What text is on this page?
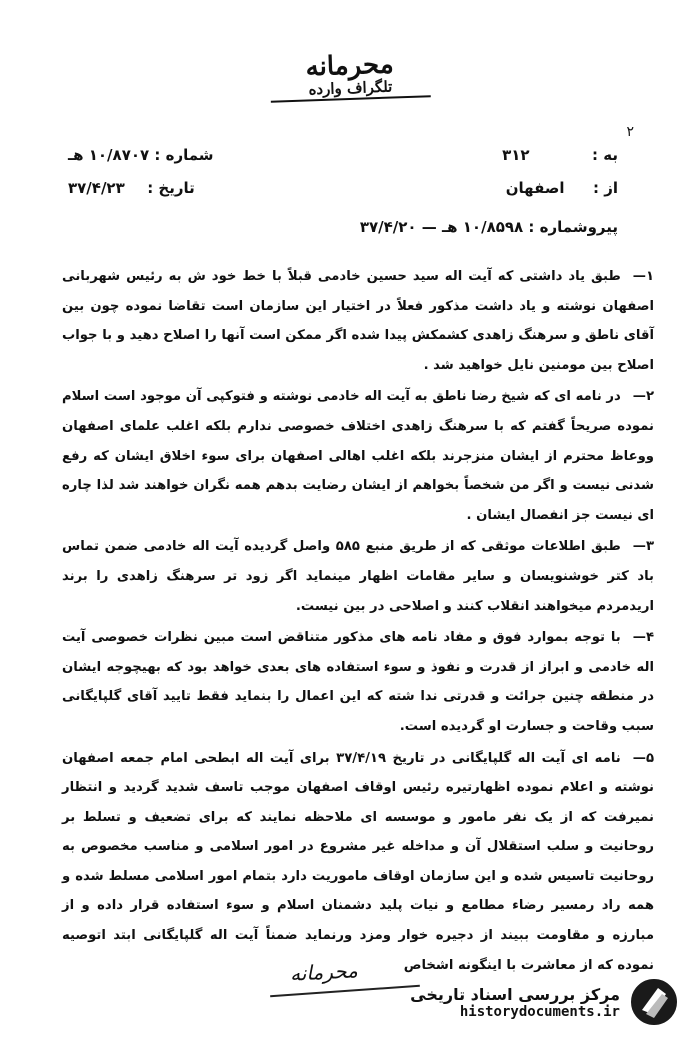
محرمانه
تلگراف وارده
۲
به :  ۳۱۲
از :  اصفهان
شماره : ۱۰/۸۷۰۷ هـ
تاریخ :  ۳۷/۴/۲۳
پیروشماره : ۱۰/۸۵۹۸ هـ — ۳۷/۴/۲۰

۱—طبق یاد داشتی که آیت اله سید حسین خادمی قبلاً با خط خود ش به رئیس شهربانی اصفهان نوشته و یاد داشت مذکور فعلاً در اختیار این سازمان است تقاضا نموده چون بین آقای ناطق و سرهنگ زاهدی کشمکش پیدا شده اگر ممکن است آنها را اصلاح دهید و با جواب اصلاح بین مومنین نایل خواهید شد .

۲—در نامه ای که شیخ رضا ناطق به آیت اله خادمی نوشته و فتوکپی آن موجود است اسلام نموده صریحاً گفتم که با سرهنگ زاهدی اختلاف خصوصی ندارم بلکه اغلب علمای اصفهان ووعاظ محترم از ایشان منزجرند بلکه اغلب اهالی اصفهان برای سوء اخلاق ایشان که رفع شدنی نیست و اگر من شخصاً بخواهم از ایشان رضایت بدهم همه نگران خواهند شد لذا چاره ای نیست جز انفصال ایشان .

۳—طبق اطلاعات موثقی که از طریق منبع ۵۸۵ واصل گردیده آیت اله خادمی ضمن تماس باد کتر خوشنویسان و سایر مقامات اظهار مینماید اگر زود تر سرهنگ زاهدی را برند اریدمردم میخواهند انقلاب کنند و اصلاحی در بین نیست.

۴—با توجه بموارد فوق و مفاد نامه های مذکور متناقض است مبین نظرات خصوصی آیت اله خادمی و ابراز از قدرت و نفوذ و سوء استفاده های بعدی خواهد بود که بهیچوجه ایشان در منطقه چنین جرائت و قدرتی ندا شته که این اعمال را بنماید فقط تایید آقای گلپایگانی سبب وقاحت و جسارت او گردیده است.

۵—نامه ای آیت اله گلپایگانی در تاریخ ۳۷/۴/۱۹ برای آیت اله ابطحی امام جمعه اصفهان نوشته و اعلام نموده اظهارتیره رئیس اوقاف اصفهان موجب تاسف شدید گردید و انتظار نمیرفت که از یک نفر مامور و موسسه ای ملاحظه نمایند که برای تضعیف و تسلط بر روحانیت و سلب استقلال آن و مداخله غیر مشروع در امور اسلامی و مناسب مخصوص به روحانیت تاسیس شده و این سازمان اوقاف ماموریت دارد بتمام امور اسلامی مسلط شده و همه راد رمسیر رضاء مطامع و نیات پلید دشمنان اسلام و سوء استفاده قرار داده و از مبارزه و مقاومت ببیند از دجیره خوار ومزد ورنماید ضمناً آیت اله گلپایگانی ابتد اتوصیه نموده که از معاشرت با اینگونه اشخاص

محرمانه
مرکز بررسی اسناد تاریخی
historydocuments.ir
